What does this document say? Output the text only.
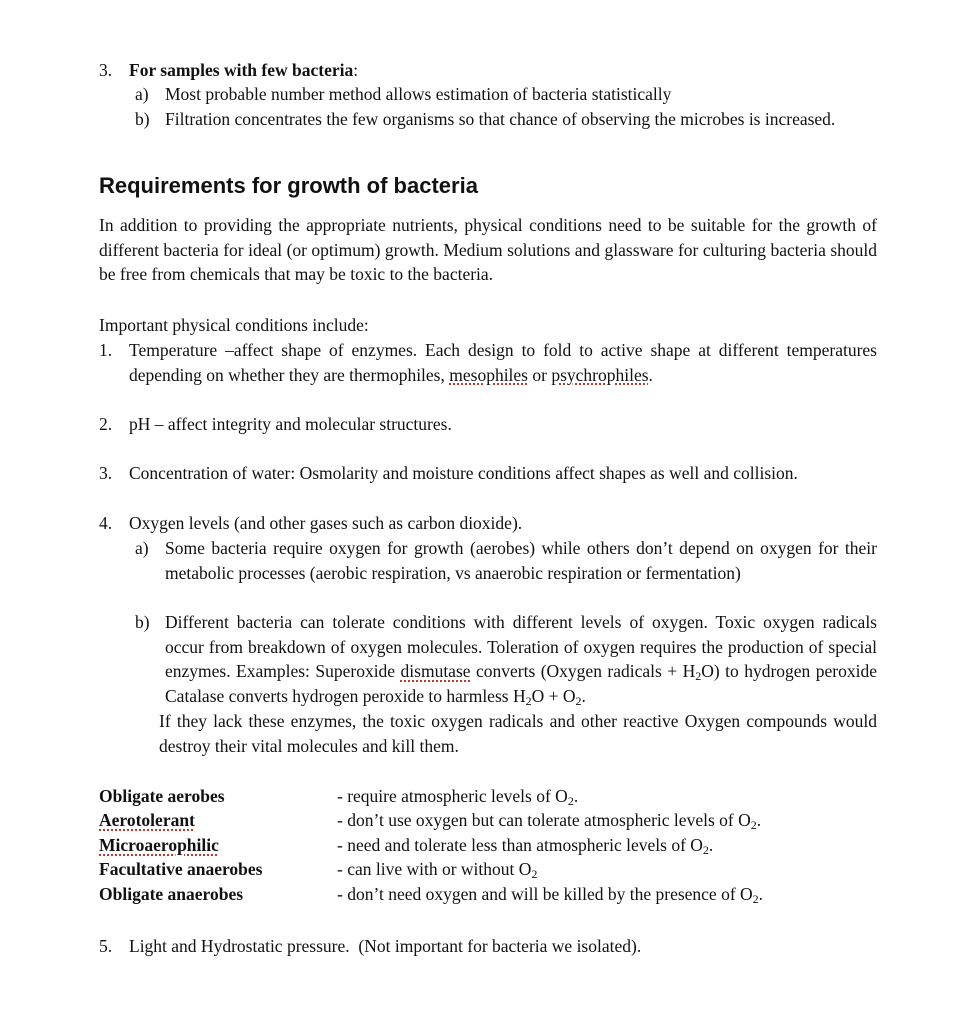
3. For samples with few bacteria:
a) Most probable number method allows estimation of bacteria statistically
b) Filtration concentrates the few organisms so that chance of observing the microbes is increased.
Requirements for growth of bacteria
In addition to providing the appropriate nutrients, physical conditions need to be suitable for the growth of different bacteria for ideal (or optimum) growth. Medium solutions and glassware for culturing bacteria should be free from chemicals that may be toxic to the bacteria.
Important physical conditions include:
1. Temperature –affect shape of enzymes. Each design to fold to active shape at different temperatures depending on whether they are thermophiles, mesophiles or psychrophiles.
2. pH – affect integrity and molecular structures.
3. Concentration of water: Osmolarity and moisture conditions affect shapes as well and collision.
4. Oxygen levels (and other gases such as carbon dioxide).
a) Some bacteria require oxygen for growth (aerobes) while others don’t depend on oxygen for their metabolic processes (aerobic respiration, vs anaerobic respiration or fermentation)
b) Different bacteria can tolerate conditions with different levels of oxygen. Toxic oxygen radicals occur from breakdown of oxygen molecules. Toleration of oxygen requires the production of special enzymes. Examples: Superoxide dismutase converts (Oxygen radicals + $H_2O$) to hydrogen peroxide Catalase converts hydrogen peroxide to harmless $H_2O + O_2$.
If they lack these enzymes, the toxic oxygen radicals and other reactive Oxygen compounds would destroy their vital molecules and kill them.
Obligate aerobes	- require atmospheric levels of $O_2$.
Aerotolerant	- don’t use oxygen but can tolerate atmospheric levels of $O_2$.
Microaerophilic	- need and tolerate less than atmospheric levels of $O_2$.
Facultative anaerobes	- can live with or without $O_2$
Obligate anaerobes	- don’t need oxygen and will be killed by the presence of $O_2$.
5. Light and Hydrostatic pressure.  (Not important for bacteria we isolated).
